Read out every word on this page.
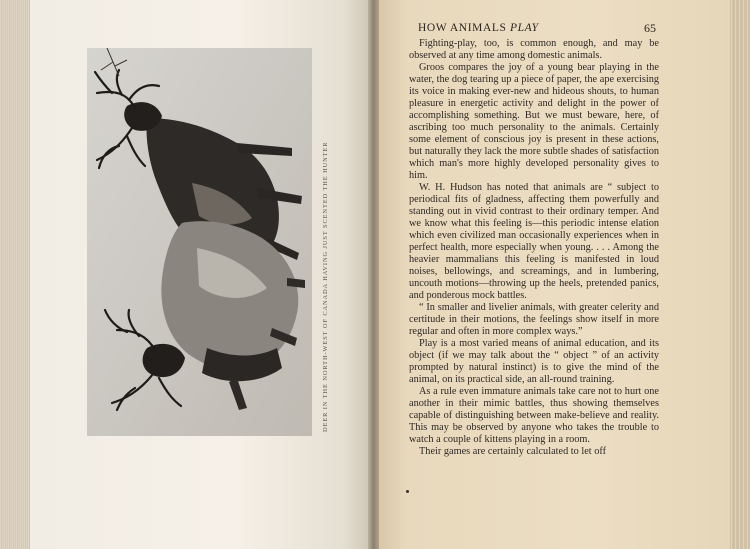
DEER IN THE NORTH-WEST OF CANADA HAVING JUST SCENTED THE HUNTER
HOW ANIMALS PLAY	65

Fighting-play, too, is common enough, and may be observed at any time among domestic animals.

Groos compares the joy of a young bear playing in the water, the dog tearing up a piece of paper, the ape exercising its voice in making ever-new and hideous shouts, to human pleasure in energetic activity and delight in the power of accomplishing something. But we must beware, here, of ascribing too much personality to the animals. Certainly some element of conscious joy is present in these actions, but naturally they lack the more subtle shades of satisfaction which man's more highly developed personality gives to him.

W. H. Hudson has noted that animals are “ subject to periodical fits of gladness, affecting them powerfully and standing out in vivid contrast to their ordinary temper. And we know what this feeling is—this periodic intense elation which even civilized man occasionally experiences when in perfect health, more especially when young. . . . Among the heavier mammalians this feeling is manifested in loud noises, bellowings, and screamings, and in lumbering, uncouth motions—throwing up the heels, pretended panics, and ponderous mock battles.

“ In smaller and livelier animals, with greater celerity and certitude in their motions, the feelings show itself in more regular and often in more complex ways.”

Play is a most varied means of animal education, and its object (if we may talk about the “ object ” of an activity prompted by natural instinct) is to give the mind of the animal, on its practical side, an all-round training.

As a rule even immature animals take care not to hurt one another in their mimic battles, thus showing themselves capable of distinguishing between make-believe and reality. This may be observed by anyone who takes the trouble to watch a couple of kittens playing in a room.

Their games are certainly calculated to let off
